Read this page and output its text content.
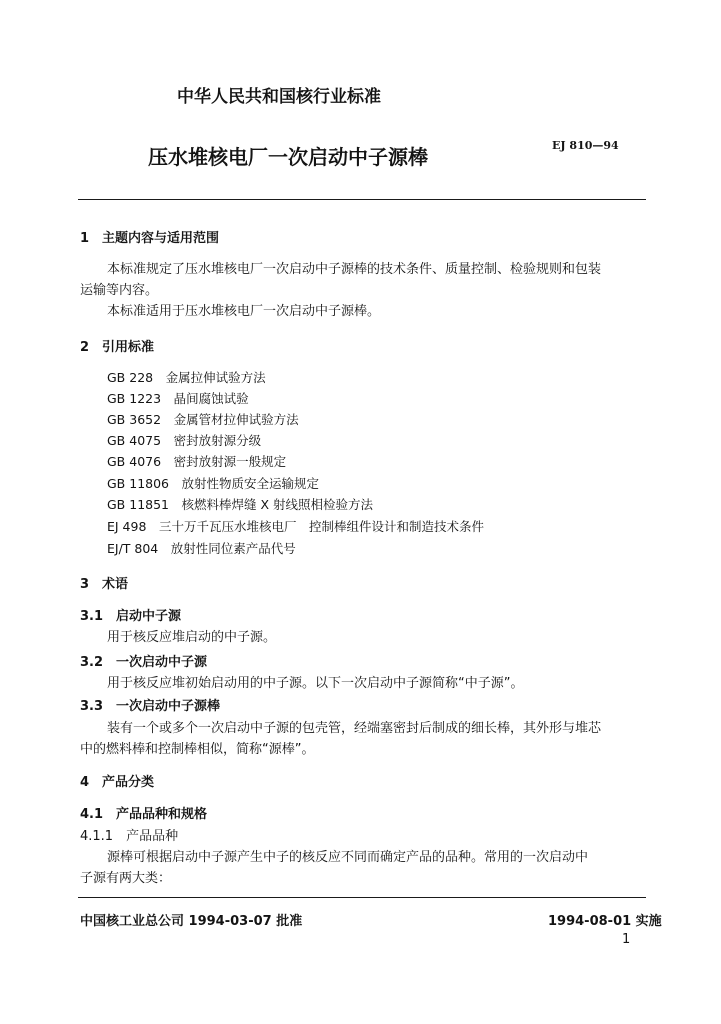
中华人民共和国核行业标准
压水堆核电厂一次启动中子源棒	EJ 810—94
1　主题内容与适用范围
本标准规定了压水堆核电厂一次启动中子源棒的技术条件、质量控制、检验规则和包装
运输等内容。
本标准适用于压水堆核电厂一次启动中子源棒。
2　引用标准
GB 228　 金属拉伸试验方法
GB 1223　 晶间腐蚀试验
GB 3652　 金属管材拉伸试验方法
GB 4075　 密封放射源分级
GB 4076　 密封放射源一般规定
GB 11806　 放射性物质安全运输规定
GB 11851　 核燃料棒焊缝 X 射线照相检验方法
EJ 498　 三十万千瓦压水堆核电厂　控制棒组件设计和制造技术条件
EJ/T 804　 放射性同位素产品代号
3　术语
3.1　 启动中子源
用于核反应堆启动的中子源。
3.2　 一次启动中子源
用于核反应堆初始启动用的中子源。以下一次启动中子源简称“中子源”。
3.3　 一次启动中子源棒
装有一个或多个一次启动中子源的包壳管，经端塞密封后制成的细长棒，其外形与堆芯
中的燃料棒和控制棒相似，简称“源棒”。
4　产品分类
4.1　产品品种和规格
4.1.1　产品品种
源棒可根据启动中子源产生中子的核反应不同而确定产品的品种。常用的一次启动中
子源有两大类：
中国核工业总公司 1994-03-07 批准	1994-08-01 实施
1
